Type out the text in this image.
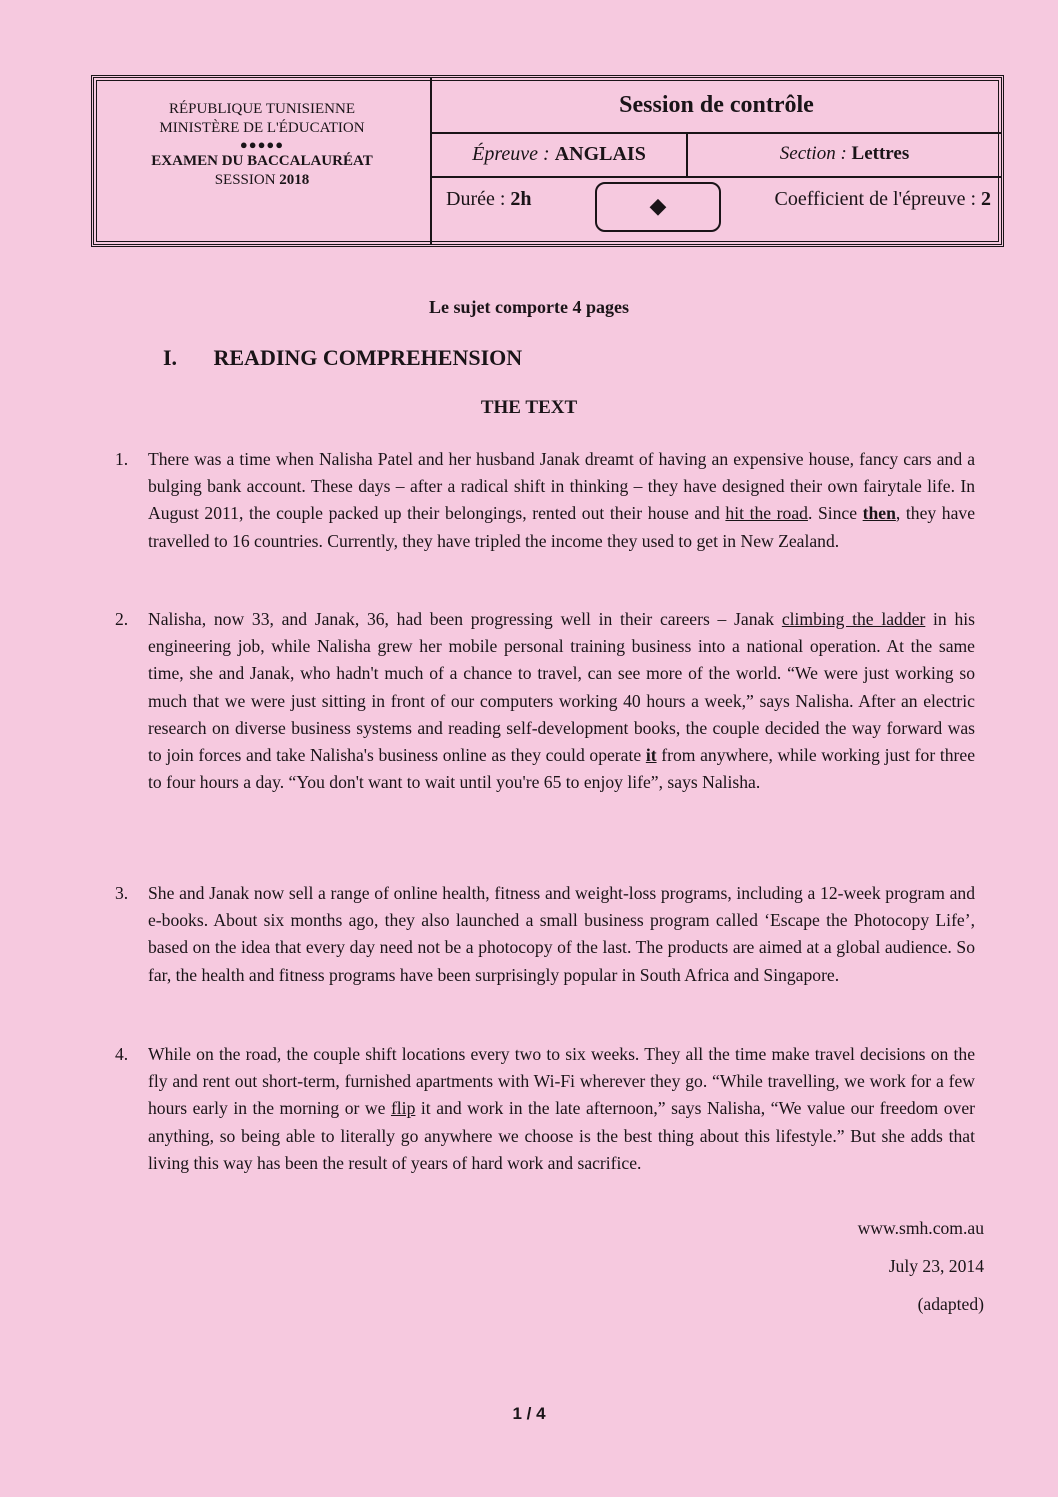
RÉPUBLIQUE TUNISIENNE
MINISTÈRE DE L'ÉDUCATION
●●●●●
EXAMEN DU BACCALAURÉAT
SESSION 2018
Session de contrôle
Épreuve : ANGLAIS	Section : Lettres
Durée : 2h	◆	Coefficient de l'épreuve : 2
Le sujet comporte 4 pages
I. READING COMPREHENSION
THE TEXT
1. There was a time when Nalisha Patel and her husband Janak dreamt of having an expensive house, fancy cars and a bulging bank account. These days – after a radical shift in thinking – they have designed their own fairytale life. In August 2011, the couple packed up their belongings, rented out their house and hit the road. Since then, they have travelled to 16 countries. Currently, they have tripled the income they used to get in New Zealand.
2. Nalisha, now 33, and Janak, 36, had been progressing well in their careers – Janak climbing the ladder in his engineering job, while Nalisha grew her mobile personal training business into a national operation. At the same time, she and Janak, who hadn't much of a chance to travel, can see more of the world. “We were just working so much that we were just sitting in front of our computers working 40 hours a week,” says Nalisha. After an electric research on diverse business systems and reading self-development books, the couple decided the way forward was to join forces and take Nalisha's business online as they could operate it from anywhere, while working just for three to four hours a day. “You don't want to wait until you're 65 to enjoy life”, says Nalisha.
3. She and Janak now sell a range of online health, fitness and weight-loss programs, including a 12-week program and e-books. About six months ago, they also launched a small business program called ‘Escape the Photocopy Life’, based on the idea that every day need not be a photocopy of the last. The products are aimed at a global audience. So far, the health and fitness programs have been surprisingly popular in South Africa and Singapore.
4. While on the road, the couple shift locations every two to six weeks. They all the time make travel decisions on the fly and rent out short-term, furnished apartments with Wi-Fi wherever they go. “While travelling, we work for a few hours early in the morning or we flip it and work in the late afternoon,” says Nalisha, “We value our freedom over anything, so being able to literally go anywhere we choose is the best thing about this lifestyle.” But she adds that living this way has been the result of years of hard work and sacrifice.
www.smh.com.au
July 23, 2014
(adapted)
1 / 4
